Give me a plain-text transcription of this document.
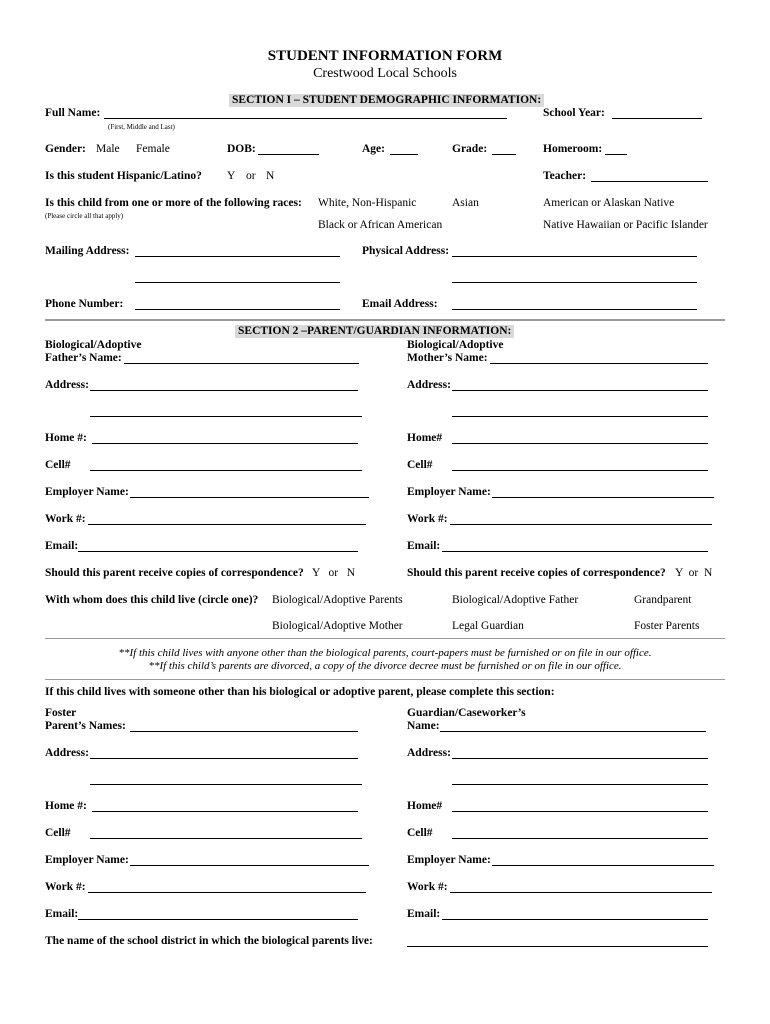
STUDENT INFORMATION FORM
Crestwood Local Schools
SECTION I – STUDENT DEMOGRAPHIC INFORMATION:
Full Name:
(First, Middle and Last)
School Year:
Gender: Male Female	DOB:	Age:	Grade:	Homeroom:
Is this student Hispanic/Latino? Y or N	Teacher:
Is this child from one or more of the following races:
(Please circle all that apply)
White, Non-Hispanic	Asian	American or Alaskan Native
Black or African American	Native Hawaiian or Pacific Islander
Mailing Address:	Physical Address:
Phone Number:	Email Address:
SECTION 2 –PARENT/GUARDIAN INFORMATION:
Biological/Adoptive
Father’s Name:
Biological/Adoptive
Mother’s Name:
Address:	Address:
Home #:	Home#
Cell#	Cell#
Employer Name:	Employer Name:
Work #:	Work #:
Email:	Email:
Should this parent receive copies of correspondence? Y   or   N	Should this parent receive copies of correspondence? Y  or  N
With whom does this child live (circle one)? Biological/Adoptive Parents	Biological/Adoptive Father	Grandparent
Biological/Adoptive Mother	Legal Guardian	Foster Parents
**If this child lives with anyone other than the biological parents, court-papers must be furnished or on file in our office.
**If this child’s parents are divorced, a copy of the divorce decree must be furnished or on file in our office.
If this child lives with someone other than his biological or adoptive parent, please complete this section:
Foster
Parent’s Names:
Guardian/Caseworker’s
Name:
Address:	Address:
Home #:	Home#
Cell#	Cell#
Employer Name:	Employer Name:
Work #:	Work #:
Email:	Email:
The name of the school district in which the biological parents live:
